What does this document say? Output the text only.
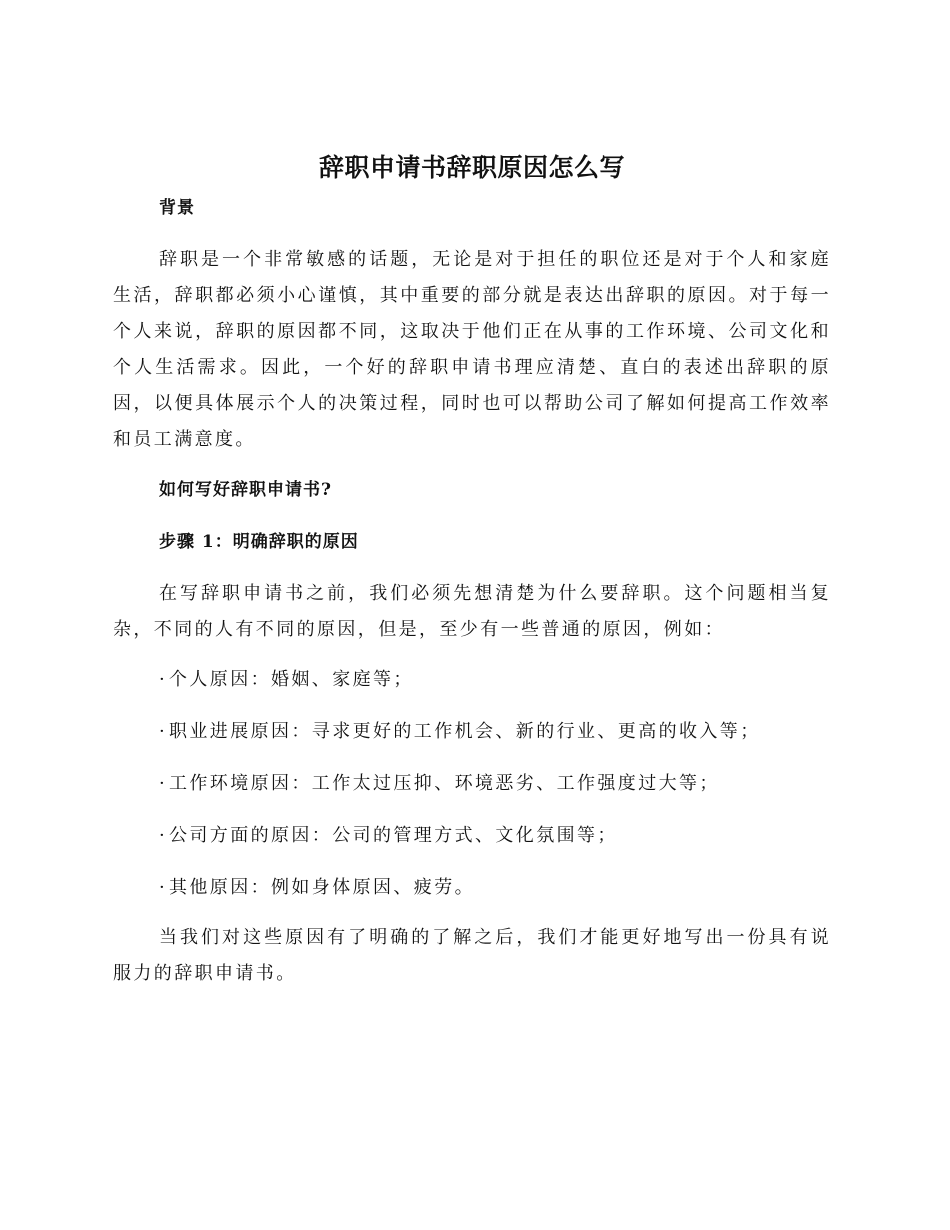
辞职申请书辞职原因怎么写
背景

辞职是一个非常敏感的话题，无论是对于担任的职位还是对于个人和家庭生活，辞职都必须小心谨慎，其中重要的部分就是表达出辞职的原因。对于每一个人来说，辞职的原因都不同，这取决于他们正在从事的工作环境、公司文化和个人生活需求。因此，一个好的辞职申请书理应清楚、直白的表述出辞职的原因，以便具体展示个人的决策过程，同时也可以帮助公司了解如何提高工作效率和员工满意度。

如何写好辞职申请书?
步骤 1：明确辞职的原因

在写辞职申请书之前，我们必须先想清楚为什么要辞职。这个问题相当复杂，不同的人有不同的原因，但是，至少有一些普通的原因，例如：

· 个人原因：婚姻、家庭等；

· 职业进展原因：寻求更好的工作机会、新的行业、更高的收入等；

· 工作环境原因：工作太过压抑、环境恶劣、工作强度过大等；

· 公司方面的原因：公司的管理方式、文化氛围等；

· 其他原因：例如身体原因、疲劳。

当我们对这些原因有了明确的了解之后，我们才能更好地写出一份具有说服力的辞职申请书。
